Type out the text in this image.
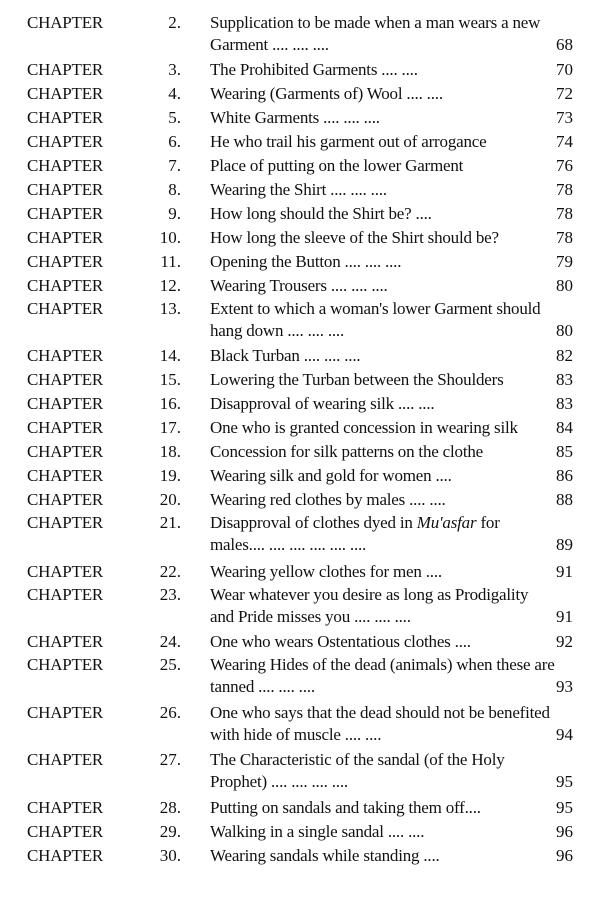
CHAPTER	2. Supplication to be made when a man wears a new Garment .... .... ....	68
CHAPTER	3. The Prohibited Garments .... ....	70
CHAPTER	4. Wearing (Garments of) Wool .... ....	72
CHAPTER	5. White Garments .... .... ....	73
CHAPTER	6. He who trail his garment out of arrogance	74
CHAPTER	7. Place of putting on the lower Garment	76
CHAPTER	8. Wearing the Shirt .... .... ....	78
CHAPTER	9. How long should the Shirt be? ....	78
CHAPTER	10. How long the sleeve of the Shirt should be?	78
CHAPTER	11. Opening the Button .... .... ....	79
CHAPTER	12. Wearing Trousers .... .... ....	80
CHAPTER	13. Extent to which a woman's lower Garment should hang down .... .... ....	80
CHAPTER	14. Black Turban .... .... ....	82
CHAPTER	15. Lowering the Turban between the Shoulders	83
CHAPTER	16. Disapproval of wearing silk .... ....	83
CHAPTER	17. One who is granted concession in wearing silk	84
CHAPTER	18. Concession for silk patterns on the clothe	85
CHAPTER	19. Wearing silk and gold for women ....	86
CHAPTER	20. Wearing red clothes by males .... ....	88
CHAPTER	21. Disapproval of clothes dyed in Mu'asfar for males.... .... .... .... .... ....	89
CHAPTER	22. Wearing yellow clothes for men ....	91
CHAPTER	23. Wear whatever you desire as long as Prodigality and Pride misses you .... .... ....	91
CHAPTER	24. One who wears Ostentatious clothes ....	92
CHAPTER	25. Wearing Hides of the dead (animals) when these are tanned .... .... ....	93
CHAPTER	26. One who says that the dead should not be benefited with hide of muscle .... ....	94
CHAPTER	27. The Characteristic of the sandal (of the Holy Prophet) .... .... .... ....	95
CHAPTER	28. Putting on sandals and taking them off....	95
CHAPTER	29. Walking in a single sandal .... ....	96
CHAPTER	30. Wearing sandals while standing ....	96
